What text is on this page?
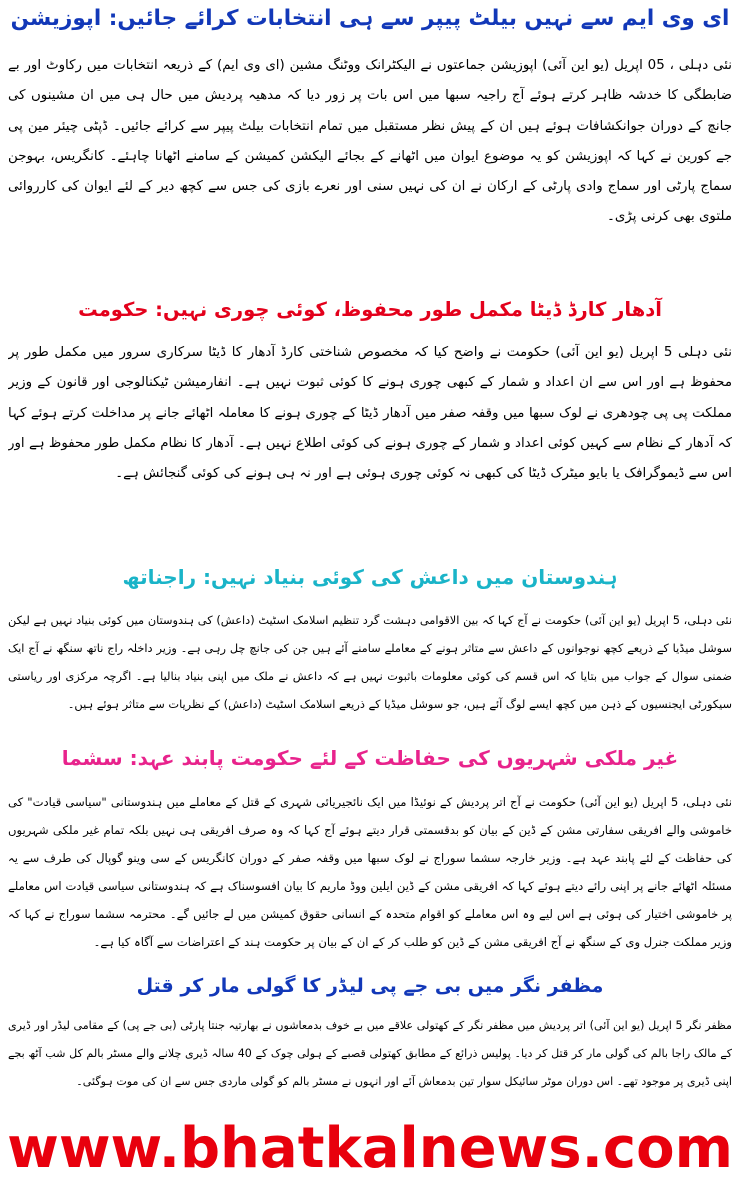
ای وی ایم سے نہیں بیلٹ پیپر سے ہی انتخابات کرائے جائیں: اپوزیشن

نئی دہلی ، 05 اپریل (یو این آئی) اپوزیشن جماعتوں نے الیکٹرانک ووٹنگ مشین (ای وی ایم) کے ذریعہ انتخابات میں رکاوٹ اور بے ضابطگی کا خدشہ ظاہر کرتے ہوئے آج راجیہ سبھا میں اس بات پر زور دیا کہ مدھیہ پردیش میں حال ہی میں ان مشینوں کی جانچ کے دوران جوانکشافات ہوئے ہیں ان کے پیش نظر مستقبل میں تمام انتخابات بیلٹ پیپر سے کرائے جائیں۔ ڈپٹی چیئر مین پی جے کورین نے کہا کہ اپوزیشن کو یہ موضوع ایوان میں اٹھانے کے بجائے الیکشن کمیشن کے سامنے اٹھانا چاہئے۔ کانگریس، بہوجن سماج پارٹی اور سماج وادی پارٹی کے ارکان نے ان کی نہیں سنی اور نعرے بازی کی جس سے کچھ دیر کے لئے ایوان کی کارروائی ملتوی بھی کرنی پڑی۔

آدھار کارڈ ڈیٹا مکمل طور محفوظ، کوئی چوری نہیں: حکومت

نئی دہلی 5 اپریل (یو این آئی) حکومت نے واضح کیا کہ مخصوص شناختی کارڈ آدھار کا ڈیٹا سرکاری سرور میں مکمل طور پر محفوظ ہے اور اس سے ان اعداد و شمار کے کبھی چوری ہونے کا کوئی ثبوت نہیں ہے۔ انفارمیشن ٹیکنالوجی اور قانون کے وزیر مملکت پی پی چودھری نے لوک سبھا میں وقفہ صفر میں آدھار ڈیٹا کے چوری ہونے کا معاملہ اٹھائے جانے پر مداخلت کرتے ہوئے کہا کہ آدھار کے نظام سے کہیں کوئی اعداد و شمار کے چوری ہونے کی کوئی اطلاع نہیں ہے۔ آدھار کا نظام مکمل طور محفوظ ہے اور اس سے ڈیموگرافک یا بایو میٹرک ڈیٹا کی کبھی نہ کوئی چوری ہوئی ہے اور نہ ہی ہونے کی کوئی گنجائش ہے۔

ہندوستان میں داعش کی کوئی بنیاد نہیں: راجناتھ

نئی دہلی، 5 اپریل (یو این آئی) حکومت نے آج کہا کہ بین الاقوامی دہشت گرد تنظیم اسلامک اسٹیٹ (داعش) کی ہندوستان میں کوئی بنیاد نہیں ہے لیکن سوشل میڈیا کے ذریعے کچھ نوجوانوں کے داعش سے متاثر ہونے کے معاملے سامنے آئے ہیں جن کی جانچ چل رہی ہے۔ وزیر داخلہ راج ناتھ سنگھ نے آج ایک ضمنی سوال کے جواب میں بتایا کہ اس قسم کی کوئی معلومات باثبوت نہیں ہے کہ داعش نے ملک میں اپنی بنیاد بنالیا ہے۔ اگرچہ مرکزی اور ریاستی سیکورٹی ایجنسیوں کے ذہن میں کچھ ایسے لوگ آئے ہیں، جو سوشل میڈیا کے ذریعے اسلامک اسٹیٹ (داعش) کے نظریات سے متاثر ہوئے ہیں۔

غیر ملکی شہریوں کی حفاظت کے لئے حکومت پابند عہد: سشما

نئی دہلی، 5 اپریل (یو این آئی) حکومت نے آج اتر پردیش کے نوئیڈا میں ایک نائجیریائی شہری کے قتل کے معاملے میں ہندوستانی "سیاسی قیادت" کی خاموشی والے افریقی سفارتی مشن کے ڈین کے بیان کو بدقسمتی قرار دیتے ہوئے آج کہا کہ وہ صرف افریقی ہی نہیں بلکہ تمام غیر ملکی شہریوں کی حفاظت کے لئے پابند عہد ہے۔ وزیر خارجہ سشما سوراج نے لوک سبھا میں وقفہ صفر کے دوران کانگریس کے سی وینو گوپال کی طرف سے یہ مسئلہ اٹھائے جانے پر اپنی رائے دیتے ہوئے کہا کہ افریقی مشن کے ڈین ایلین ووڈ ماریم کا بیان افسوسناک ہے کہ ہندوستانی سیاسی قیادت اس معاملے پر خاموشی اختیار کی ہوئی ہے اس لیے وہ اس معاملے کو اقوام متحدہ کے انسانی حقوق کمیشن میں لے جائیں گے۔ محترمہ سشما سوراج نے کہا کہ وزیر مملکت جنرل وی کے سنگھ نے آج افریقی مشن کے ڈین کو طلب کر کے ان کے بیان پر حکومت ہند کے اعتراضات سے آگاہ کیا ہے۔

مظفر نگر میں بی جے پی لیڈر کا گولی مار کر قتل

مظفر نگر 5 اپریل (یو این آئی) اتر پردیش میں مظفر نگر کے کھتولی علاقے میں بے خوف بدمعاشوں نے بھارتیہ جنتا پارٹی (بی جے پی) کے مقامی لیڈر اور ڈیری کے مالک راجا بالم کی گولی مار کر قتل کر دیا۔ پولیس ذرائع کے مطابق کھتولی قصبے کے ہولی چوک کے 40 سالہ ڈیری چلانے والے مسٹر بالم کل شب آٹھ بجے اپنی ڈیری پر موجود تھے۔ اس دوران موٹر سائیکل سوار تین بدمعاش آئے اور انہوں نے مسٹر بالم کو گولی ماردی جس سے ان کی موت ہوگئی۔

www.bhatkalnews.com
